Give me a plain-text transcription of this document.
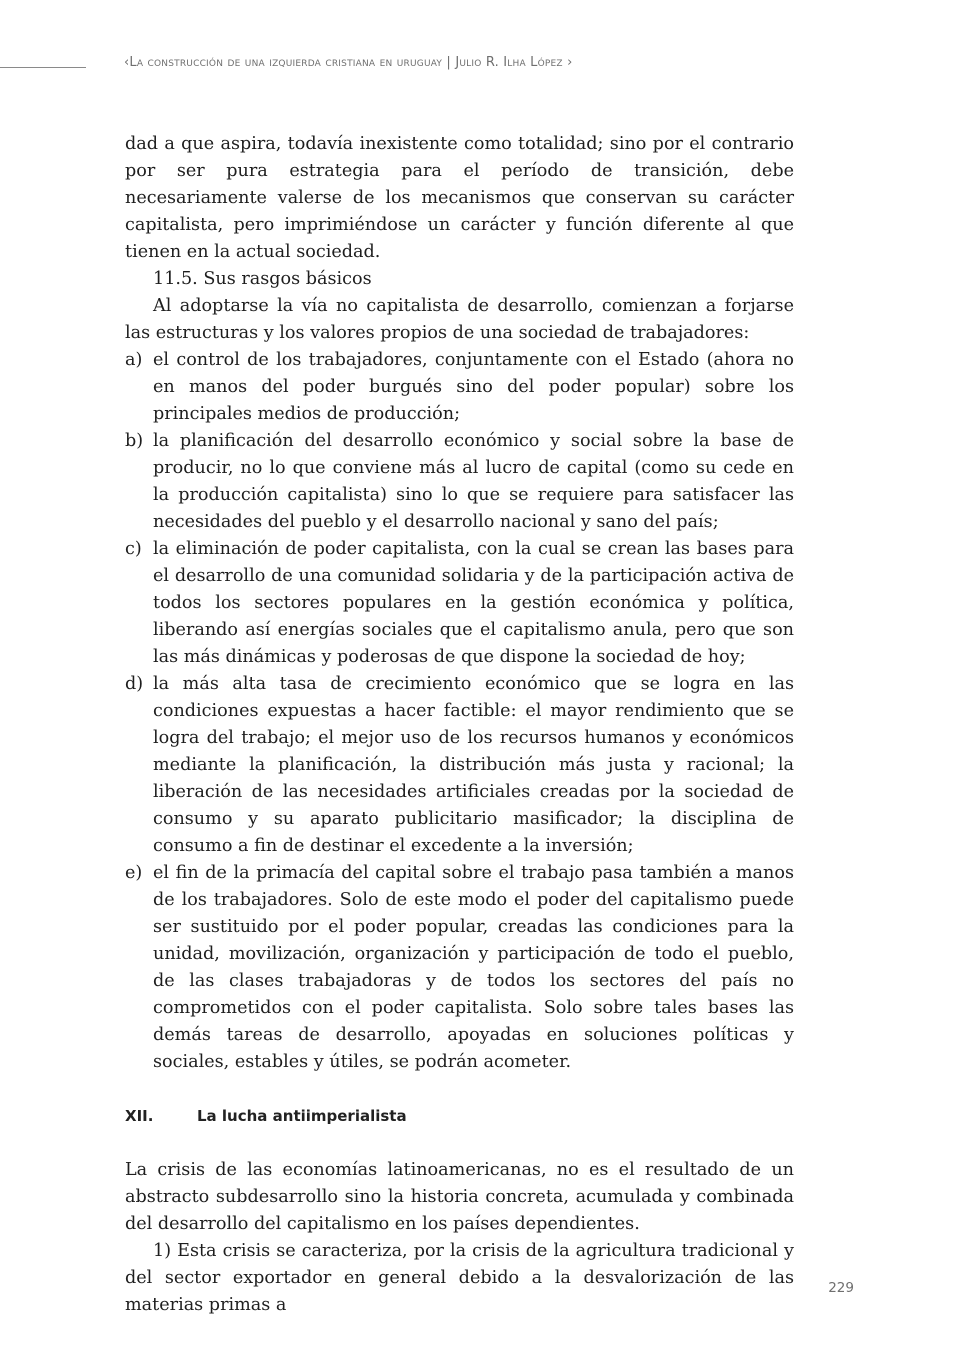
‹La construcción de una izquierda cristiana en uruguay | Julio R. Ilha López ›

dad a que aspira, todavía inexistente como totalidad; sino por el contrario por ser pura estrategia para el período de transición, debe necesariamente valerse de los mecanismos que conservan su carácter capitalista, pero imprimiéndose un carácter y función diferente al que tienen en la actual sociedad.

11.5. Sus rasgos básicos

Al adoptarse la vía no capitalista de desarrollo, comienzan a forjarse las estructuras y los valores propios de una sociedad de trabajadores:

a) el control de los trabajadores, conjuntamente con el Estado (ahora no en manos del poder burgués sino del poder popular) sobre los principales medios de producción;
b) la planificación del desarrollo económico y social sobre la base de producir, no lo que conviene más al lucro de capital (como su cede en la producción capitalista) sino lo que se requiere para satisfacer las necesidades del pueblo y el desarrollo nacional y sano del país;
c) la eliminación de poder capitalista, con la cual se crean las bases para el desarrollo de una comunidad solidaria y de la participación activa de todos los sectores populares en la gestión económica y política, liberando así energías sociales que el capitalismo anula, pero que son las más dinámicas y poderosas de que dispone la sociedad de hoy;
d) la más alta tasa de crecimiento económico que se logra en las condiciones expuestas a hacer factible: el mayor rendimiento que se logra del trabajo; el mejor uso de los recursos humanos y económicos mediante la planificación, la distribución más justa y racional; la liberación de las necesidades artificiales creadas por la sociedad de consumo y su aparato publicitario masificador; la disciplina de consumo a fin de destinar el excedente a la inversión;
e) el fin de la primacía del capital sobre el trabajo pasa también a manos de los trabajadores. Solo de este modo el poder del capitalismo puede ser sustituido por el poder popular, creadas las condiciones para la unidad, movilización, organización y participación de todo el pueblo, de las clases trabajadoras y de todos los sectores del país no comprometidos con el poder capitalista. Solo sobre tales bases las demás tareas de desarrollo, apoyadas en soluciones políticas y sociales, estables y útiles, se podrán acometer.
XII.	La lucha antiimperialista

La crisis de las economías latinoamericanas, no es el resultado de un abstracto subdesarrollo sino la historia concreta, acumulada y combinada del desarrollo del capitalismo en los países dependientes.

1) Esta crisis se caracteriza, por la crisis de la agricultura tradicional y del sector exportador en general debido a la desvalorización de las materias primas a

229
